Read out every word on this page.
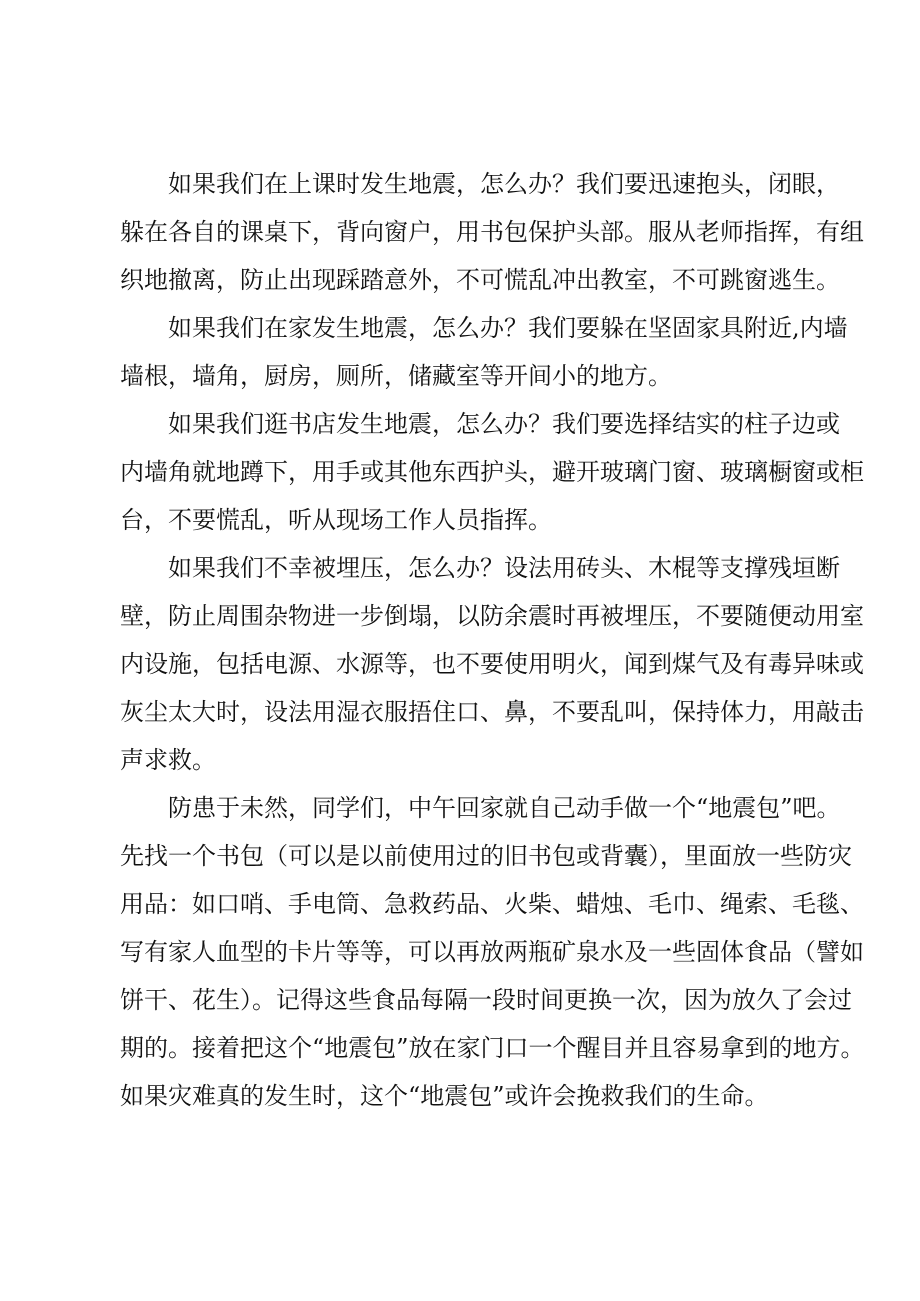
如果我们在上课时发生地震，怎么办？我们要迅速抱头，闭眼，
躲在各自的课桌下，背向窗户，用书包保护头部。服从老师指挥，有组
织地撤离，防止出现踩踏意外，不可慌乱冲出教室，不可跳窗逃生。
如果我们在家发生地震，怎么办？我们要躲在坚固家具附近,内墙
墙根，墙角，厨房，厕所，储藏室等开间小的地方。
如果我们逛书店发生地震，怎么办？我们要选择结实的柱子边或
内墙角就地蹲下，用手或其他东西护头，避开玻璃门窗、玻璃橱窗或柜
台，不要慌乱，听从现场工作人员指挥。
如果我们不幸被埋压，怎么办？设法用砖头、木棍等支撑残垣断
壁，防止周围杂物进一步倒塌，以防余震时再被埋压，不要随便动用室
内设施，包括电源、水源等，也不要使用明火，闻到煤气及有毒异味或
灰尘太大时，设法用湿衣服捂住口、鼻，不要乱叫，保持体力，用敲击
声求救。
防患于未然，同学们，中午回家就自己动手做一个“地震包”吧。
先找一个书包（可以是以前使用过的旧书包或背囊），里面放一些防灾
用品：如口哨、手电筒、急救药品、火柴、蜡烛、毛巾、绳索、毛毯、
写有家人血型的卡片等等，可以再放两瓶矿泉水及一些固体食品（譬如
饼干、花生）。记得这些食品每隔一段时间更换一次，因为放久了会过
期的。接着把这个“地震包”放在家门口一个醒目并且容易拿到的地方。
如果灾难真的发生时，这个“地震包”或许会挽救我们的生命。
